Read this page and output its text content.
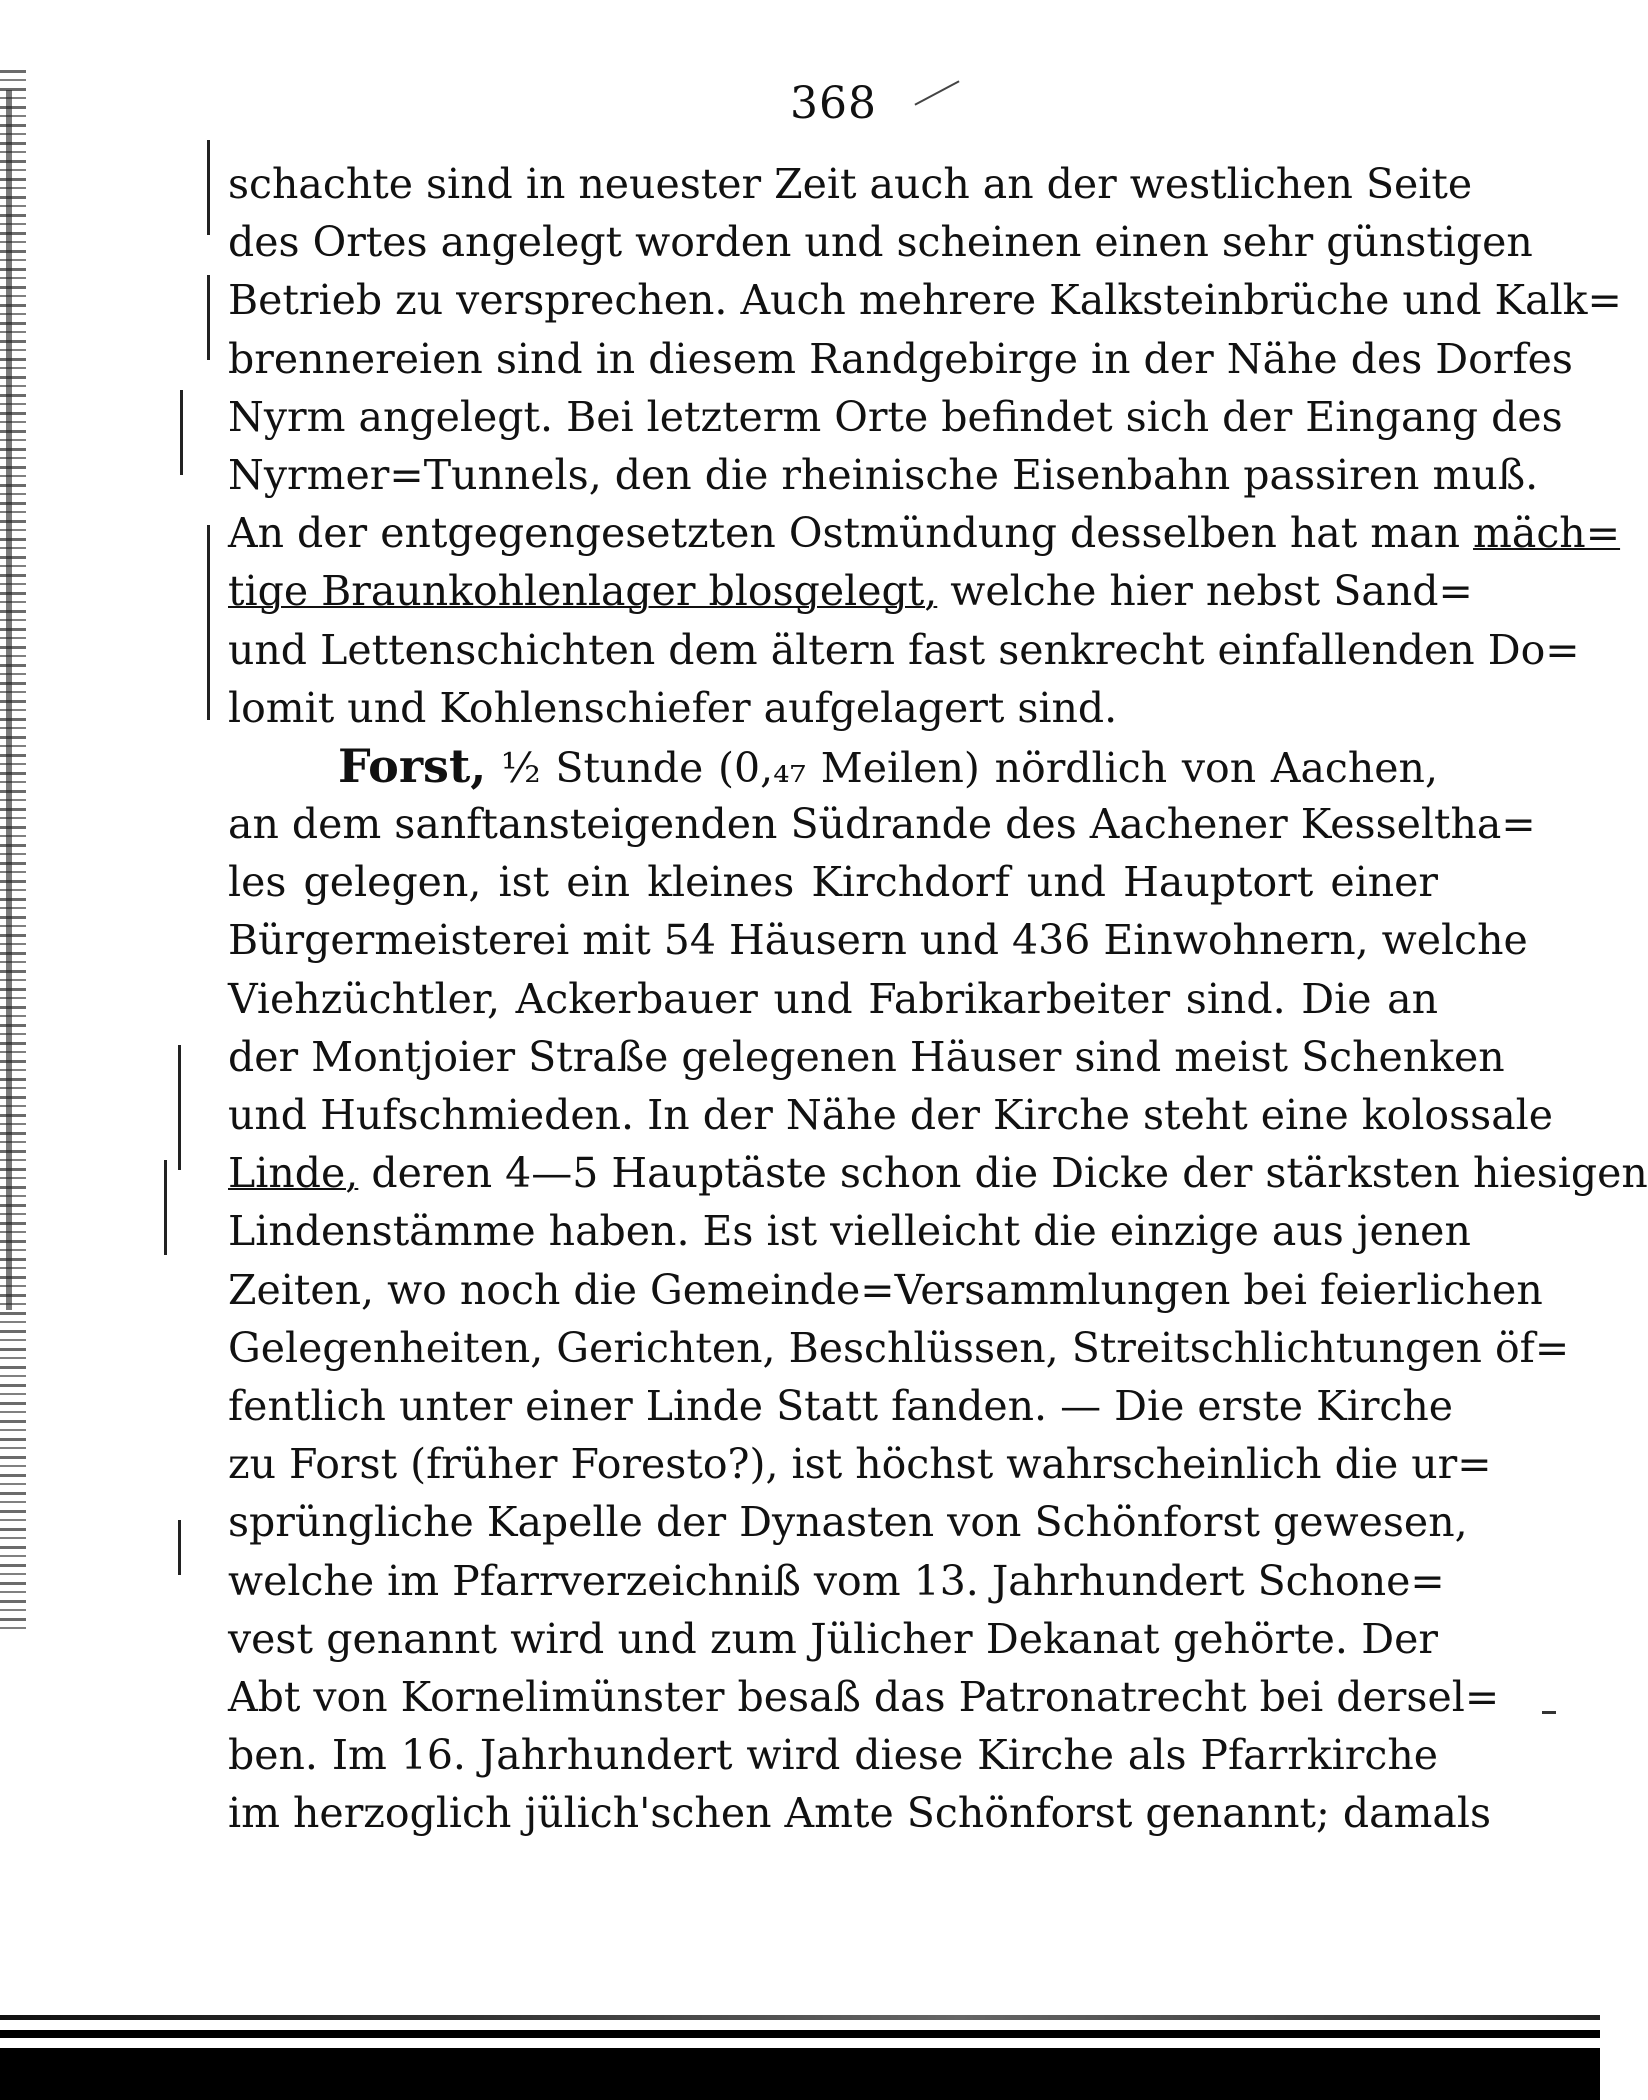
368
schachte sind in neuester Zeit auch an der westlichen Seite
des Ortes angelegt worden und scheinen einen sehr günstigen
Betrieb zu versprechen. Auch mehrere Kalksteinbrüche und Kalk=
brennereien sind in diesem Randgebirge in der Nähe des Dorfes
Nyrm angelegt. Bei letzterm Orte befindet sich der Eingang des
Nyrmer=Tunnels, den die rheinische Eisenbahn passiren muß.
An der entgegengesetzten Ostmündung desselben hat man mäch=
tige Braunkohlenlager blosgelegt, welche hier nebst Sand=
und Lettenschichten dem ältern fast senkrecht einfallenden Do=
lomit und Kohlenschiefer aufgelagert sind.
Forst, ½ Stunde (0,₄₇ Meilen) nördlich von Aachen,
an dem sanftansteigenden Südrande des Aachener Kesseltha=
les gelegen, ist ein kleines Kirchdorf und Hauptort einer
Bürgermeisterei mit 54 Häusern und 436 Einwohnern, welche
Viehzüchtler, Ackerbauer und Fabrikarbeiter sind. Die an
der Montjoier Straße gelegenen Häuser sind meist Schenken
und Hufschmieden. In der Nähe der Kirche steht eine kolossale
Linde, deren 4—5 Hauptäste schon die Dicke der stärksten hiesigen
Lindenstämme haben. Es ist vielleicht die einzige aus jenen
Zeiten, wo noch die Gemeinde=Versammlungen bei feierlichen
Gelegenheiten, Gerichten, Beschlüssen, Streitschlichtungen öf=
fentlich unter einer Linde Statt fanden. — Die erste Kirche
zu Forst (früher Foresto?), ist höchst wahrscheinlich die ur=
sprüngliche Kapelle der Dynasten von Schönforst gewesen,
welche im Pfarrverzeichniß vom 13. Jahrhundert Schone=
vest genannt wird und zum Jülicher Dekanat gehörte. Der
Abt von Kornelimünster besaß das Patronatrecht bei dersel=
ben. Im 16. Jahrhundert wird diese Kirche als Pfarrkirche
im herzoglich jülich'schen Amte Schönforst genannt; damals
